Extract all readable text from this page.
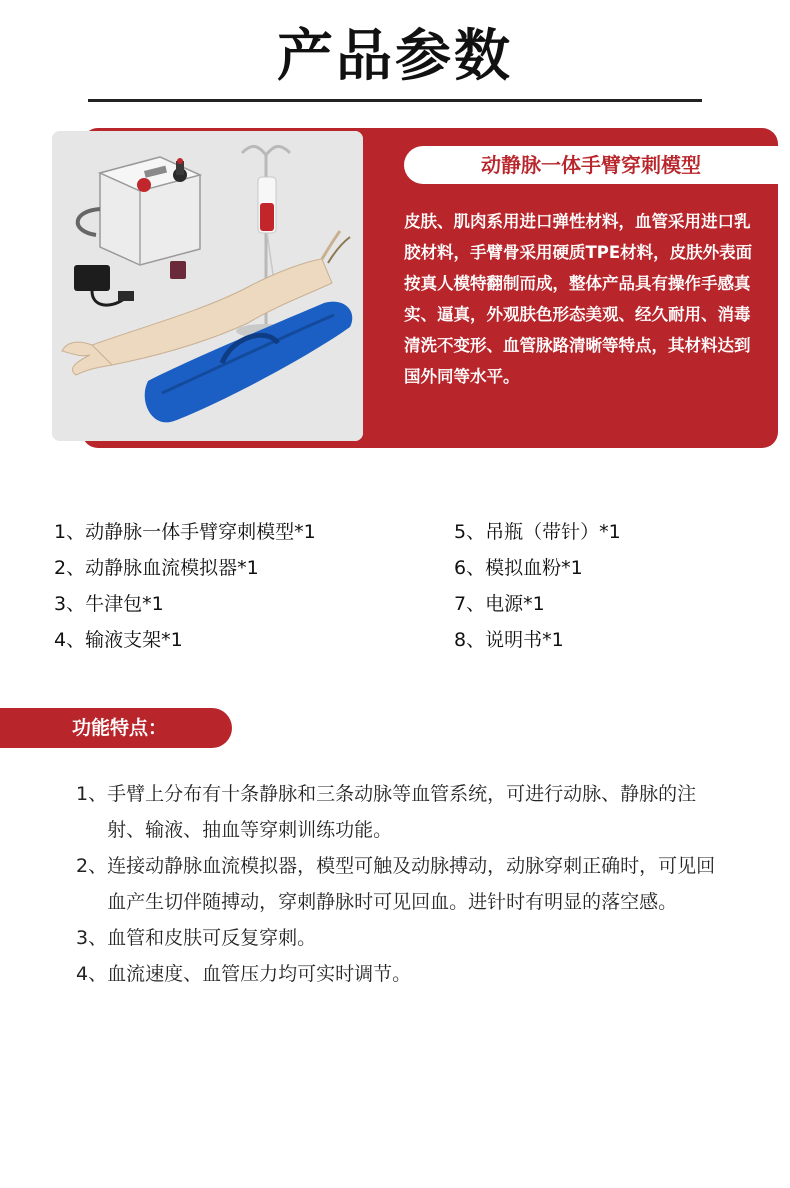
产品参数
动静脉一体手臂穿刺模型
皮肤、肌肉系用进口弹性材料，血管采用进口乳胶材料，手臂骨采用硬质TPE材料，皮肤外表面按真人模特翻制而成，整体产品具有操作手感真实、逼真，外观肤色形态美观、经久耐用、消毒清洗不变形、血管脉路清晰等特点，其材料达到国外同等水平。
1、动静脉一体手臂穿刺模型*1
2、动静脉血流模拟器*1
3、牛津包*1
4、输液支架*1
5、吊瓶（带针）*1
6、模拟血粉*1
7、电源*1
8、说明书*1
功能特点：
1、 手臂上分布有十条静脉和三条动脉等血管系统，可进行动脉、静脉的注射、输液、抽血等穿刺训练功能。
2、 连接动静脉血流模拟器，模型可触及动脉搏动，动脉穿刺正确时，可见回血产生切伴随搏动，穿刺静脉时可见回血。进针时有明显的落空感。
3、 血管和皮肤可反复穿刺。
4、 血流速度、血管压力均可实时调节。
